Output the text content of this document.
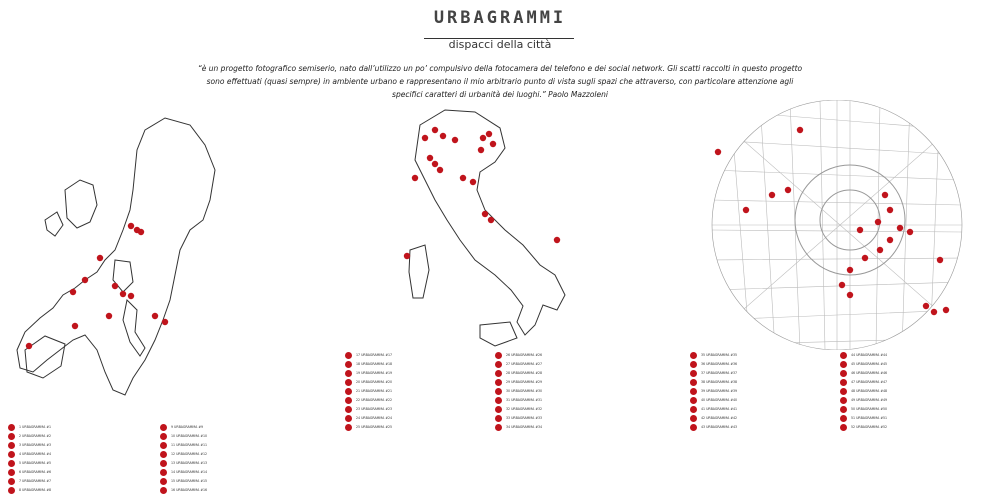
URBAGRAMMI
dispacci della città
“è un progetto fotografico semiserio, nato dall’utilizzo un po’ compulsivo della fotocamera del telefono e dei social network. Gli scatti raccolti in questo progetto sono effettuati (quasi sempre) in ambiente urbano e rappresentano il mio arbitrario punto di vista sugli spazi che attraverso, con particolare attenzione agli specifici caratteri di urbanità dei luoghi.” Paolo Mazzoleni
1 URBAGRAMMA #1
2 URBAGRAMMA #2
3 URBAGRAMMA #3
4 URBAGRAMMA #4
5 URBAGRAMMA #5
6 URBAGRAMMA #6
7 URBAGRAMMA #7
8 URBAGRAMMA #8
9 URBAGRAMMA #9
10 URBAGRAMMA #10
11 URBAGRAMMA #11
12 URBAGRAMMA #12
13 URBAGRAMMA #13
14 URBAGRAMMA #14
15 URBAGRAMMA #15
16 URBAGRAMMA #16
17 URBAGRAMMA #17
18 URBAGRAMMA #18
19 URBAGRAMMA #19
20 URBAGRAMMA #20
21 URBAGRAMMA #21
22 URBAGRAMMA #22
23 URBAGRAMMA #23
24 URBAGRAMMA #24
25 URBAGRAMMA #25
26 URBAGRAMMA #26
27 URBAGRAMMA #27
28 URBAGRAMMA #28
29 URBAGRAMMA #29
30 URBAGRAMMA #30
31 URBAGRAMMA #31
32 URBAGRAMMA #32
33 URBAGRAMMA #33
34 URBAGRAMMA #34
35 URBAGRAMMA #35
36 URBAGRAMMA #36
37 URBAGRAMMA #37
38 URBAGRAMMA #38
39 URBAGRAMMA #39
40 URBAGRAMMA #40
41 URBAGRAMMA #41
42 URBAGRAMMA #42
43 URBAGRAMMA #43
44 URBAGRAMMA #44
45 URBAGRAMMA #45
46 URBAGRAMMA #46
47 URBAGRAMMA #47
48 URBAGRAMMA #48
49 URBAGRAMMA #49
50 URBAGRAMMA #50
51 URBAGRAMMA #51
52 URBAGRAMMA #52
